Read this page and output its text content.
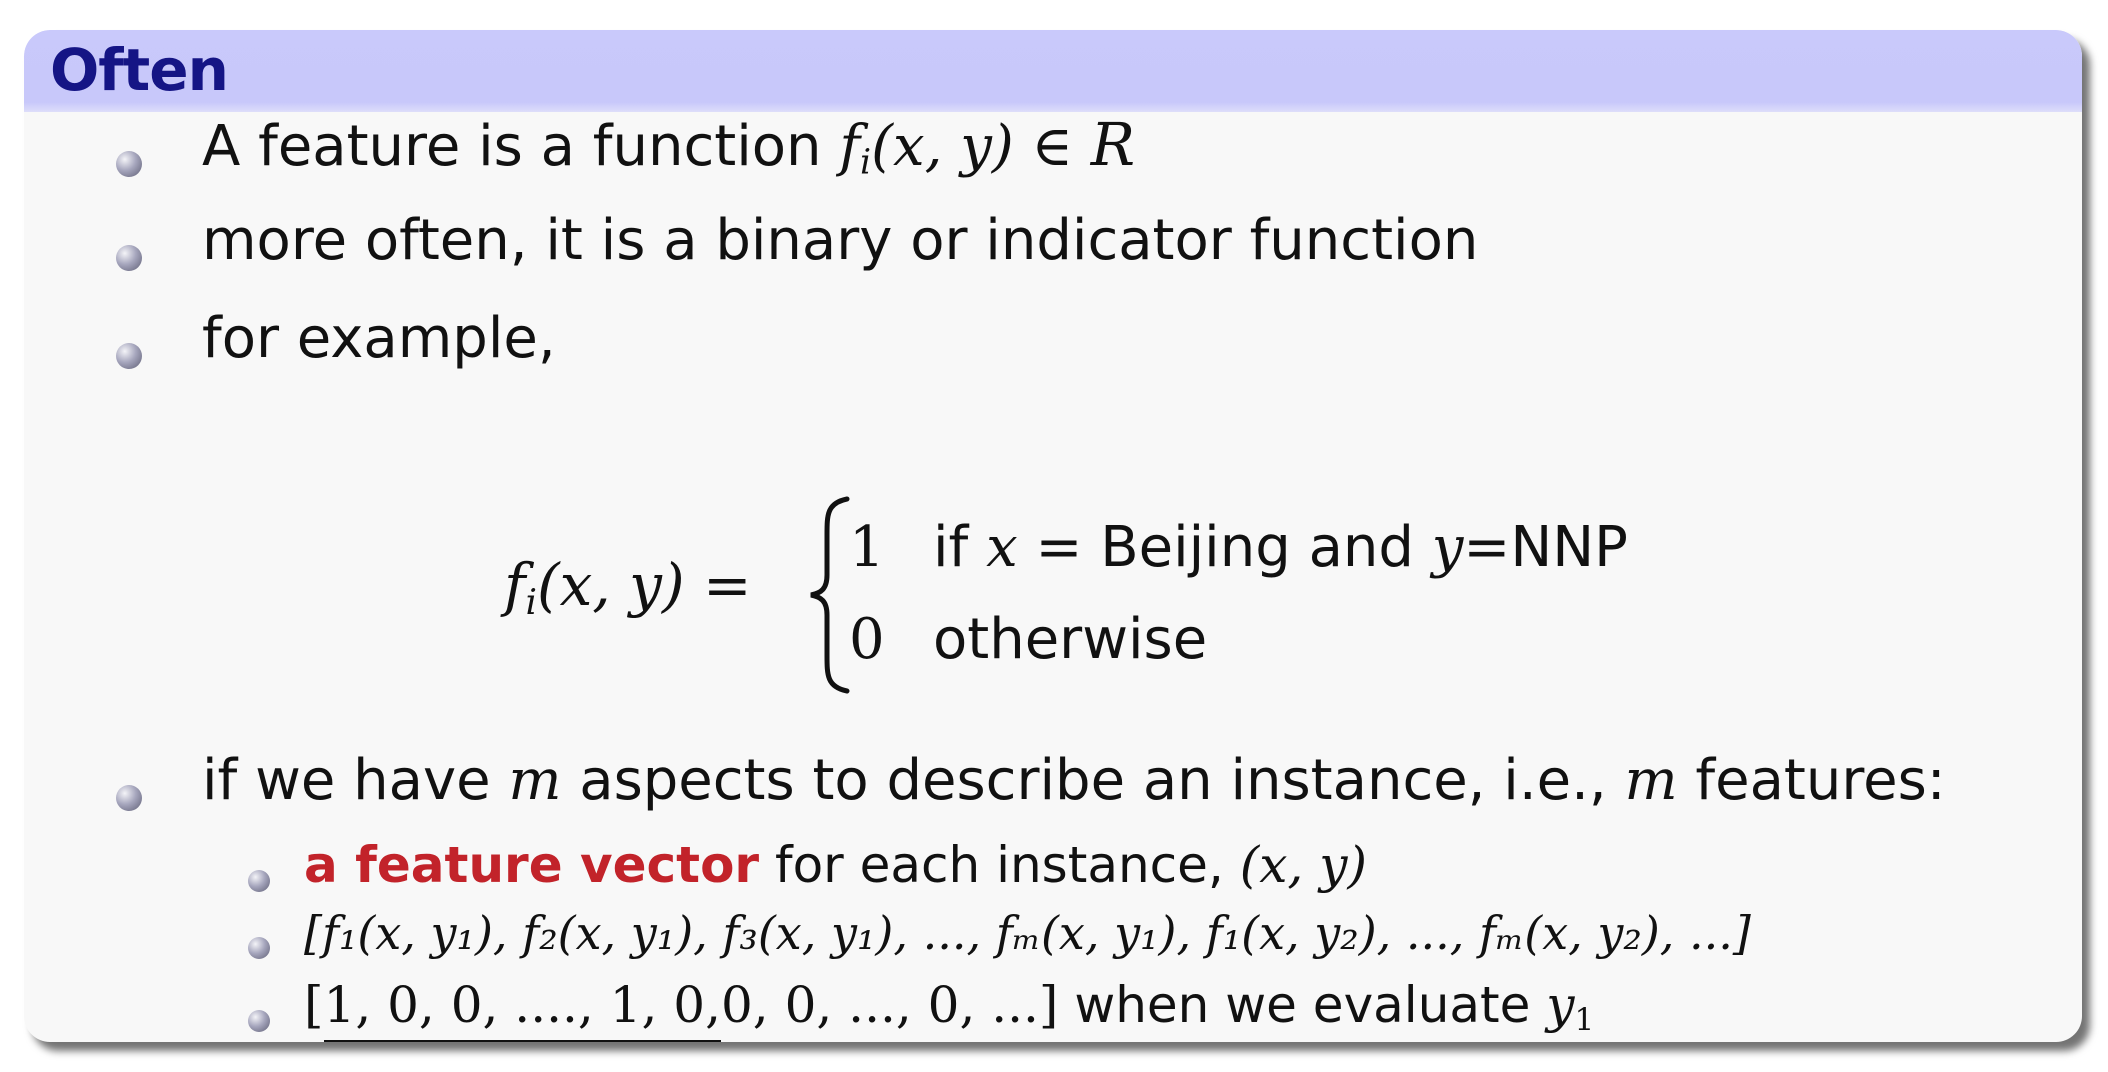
Often
A feature is a function $f_i(x$, y) ∈ R
more often, it is a binary or indicator function
for example,
$f_i(x$, y) =
1 if x = Beijing and y=NNP
0 otherwise
if we have m aspects to describe an instance, i.e., m features:
a feature vector for each instance, (x, y)
[f₁(x, y₁), f₂(x, y₁), f₃(x, y₁), ..., fₘ(x, y₁), f₁(x, y₂), ..., fₘ(x, y₂), ...]
[1, 0, 0, ...., 1, 0,0, 0, ..., 0, ...] when we evaluate $y_1$
